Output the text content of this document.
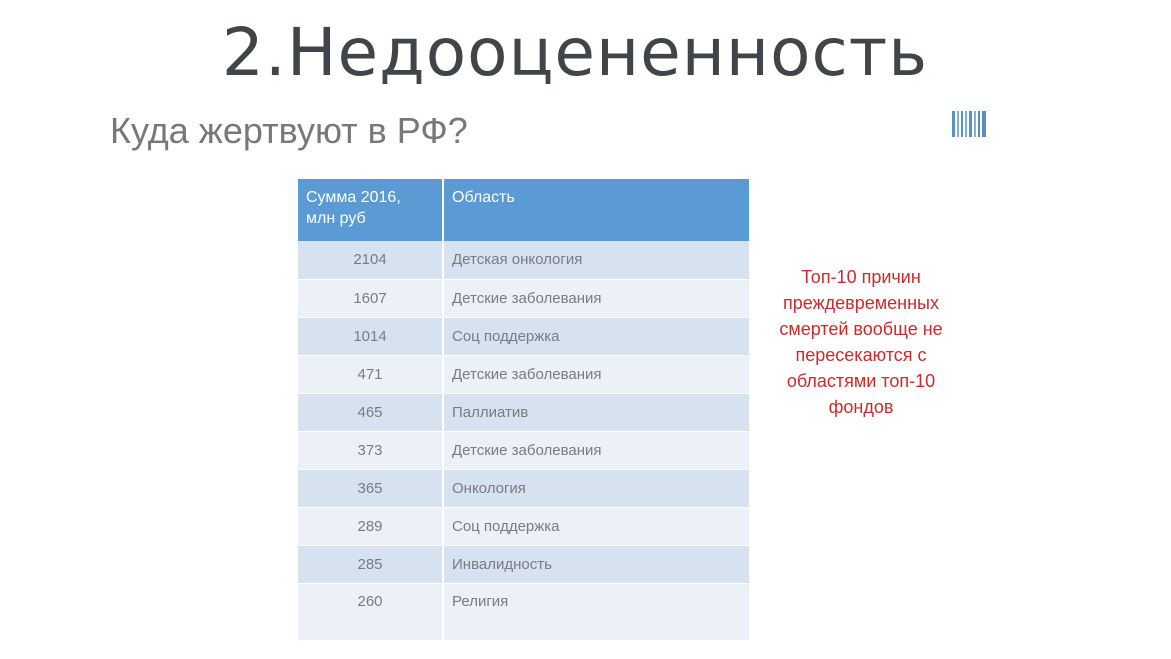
2.Недооцененность
Куда жертвуют в РФ?
Сумма 2016,
млн руб	Область
2104	Детская онкология
1607	Детские заболевания
1014	Соц поддержка
471	Детские заболевания
465	Паллиатив
373	Детские заболевания
365	Онкология
289	Соц поддержка
285	Инвалидность
260	Религия
Топ-10 причин
преждевременных
смертей вообще не
пересекаются с
областями топ-10
фондов
